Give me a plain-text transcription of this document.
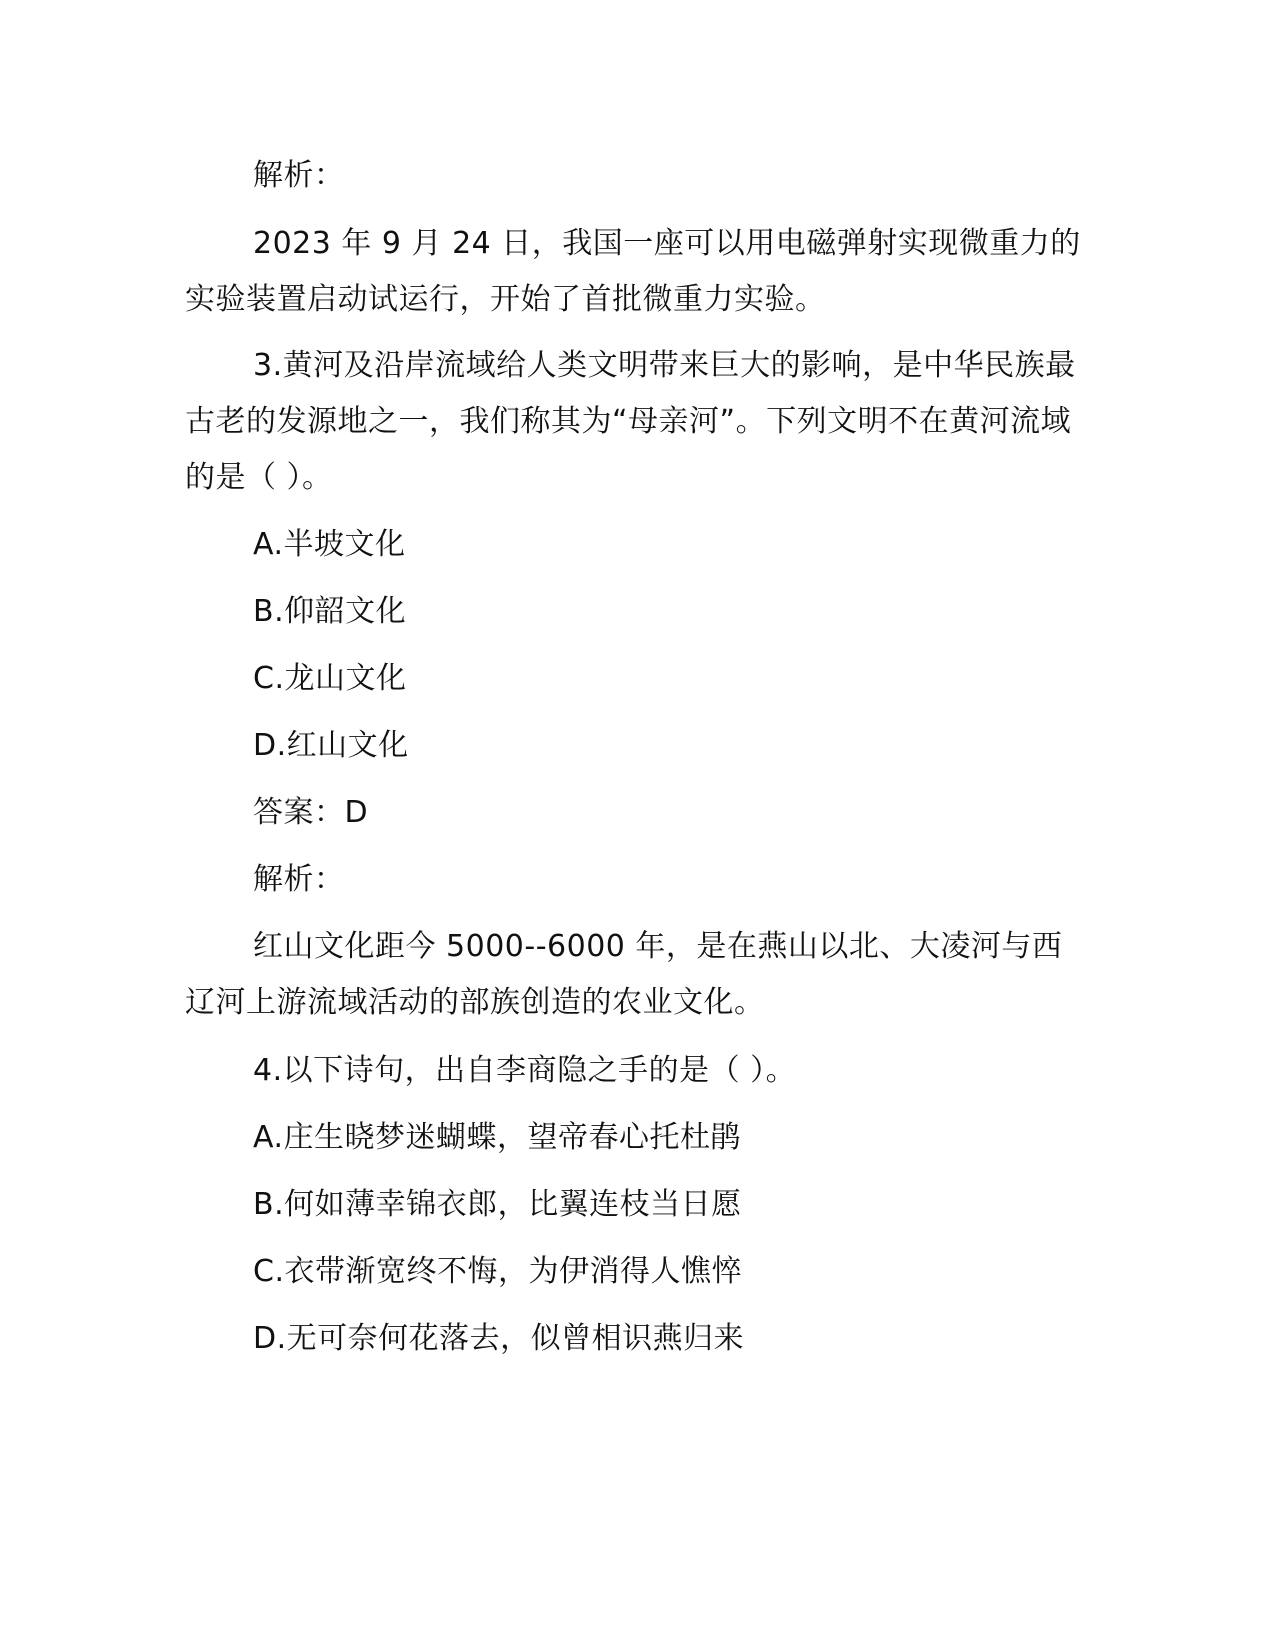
解析：

2023 年 9 月 24 日，我国一座可以用电磁弹射实现微重力的实验装置启动试运行，开始了首批微重力实验。

3.黄河及沿岸流域给人类文明带来巨大的影响，是中华民族最古老的发源地之一，我们称其为“母亲河”。下列文明不在黄河流域的是（ ）。

A.半坡文化

B.仰韶文化

C.龙山文化

D.红山文化

答案：D

解析：

红山文化距今 5000--6000 年，是在燕山以北、大凌河与西辽河上游流域活动的部族创造的农业文化。

4.以下诗句，出自李商隐之手的是（ ）。

A.庄生晓梦迷蝴蝶，望帝春心托杜鹃

B.何如薄幸锦衣郎，比翼连枝当日愿

C.衣带渐宽终不悔，为伊消得人憔悴

D.无可奈何花落去，似曾相识燕归来
